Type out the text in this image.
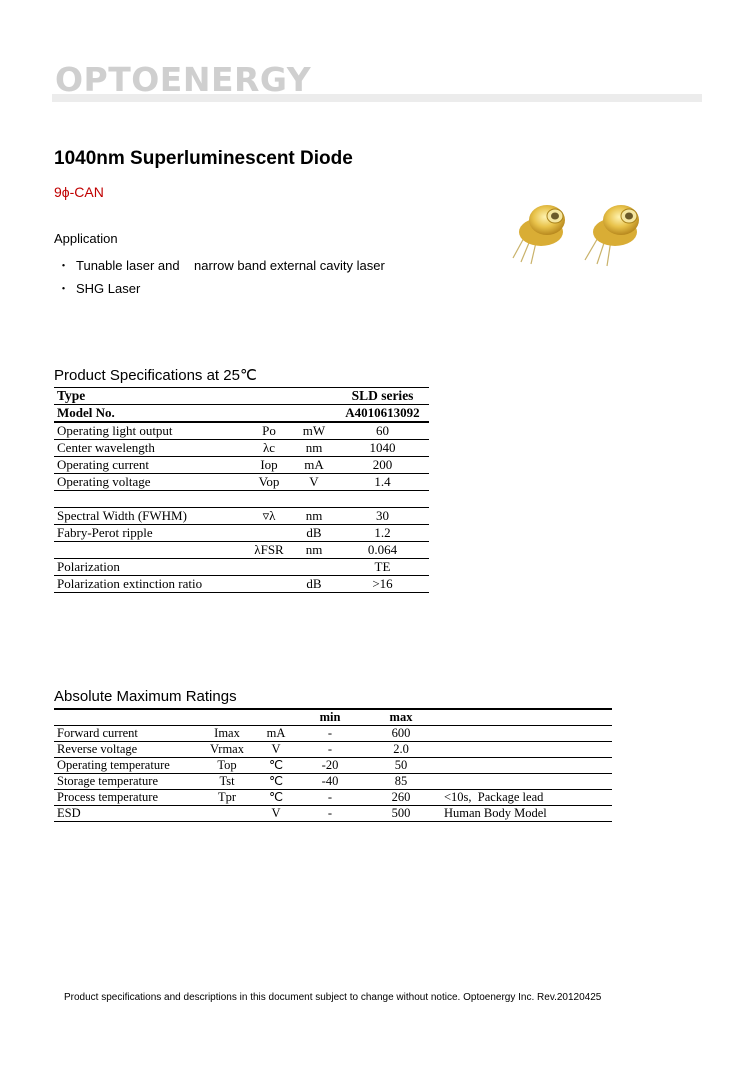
OPTOENERGY
1040nm Superluminescent Diode
9ϕ-CAN
Application
・ Tunable laser and    narrow band external cavity laser
・ SHG Laser
Product Specifications at 25℃
Type			SLD series
Model No.			A4010613092
Operating light output	Po	mW	60
Center wavelength	λc	nm	1040
Operating current	Iop	mA	200
Operating voltage	Vop	V	1.4

Spectral Width (FWHM)	▿λ	nm	30
Fabry-Perot ripple		dB	1.2
	λFSR	nm	0.064
Polarization			TE
Polarization extinction ratio		dB	>16
Absolute Maximum Ratings
			min	max	
Forward current	Imax	mA	-	600	
Reverse voltage	Vrmax	V	-	2.0	
Operating temperature	Top	℃	-20	50	
Storage temperature	Tst	℃	-40	85	
Process temperature	Tpr	℃	-	260	<10s,  Package lead
ESD		V	-	500	Human Body Model
Product specifications and descriptions in this document subject to change without notice. Optoenergy Inc. Rev.20120425
